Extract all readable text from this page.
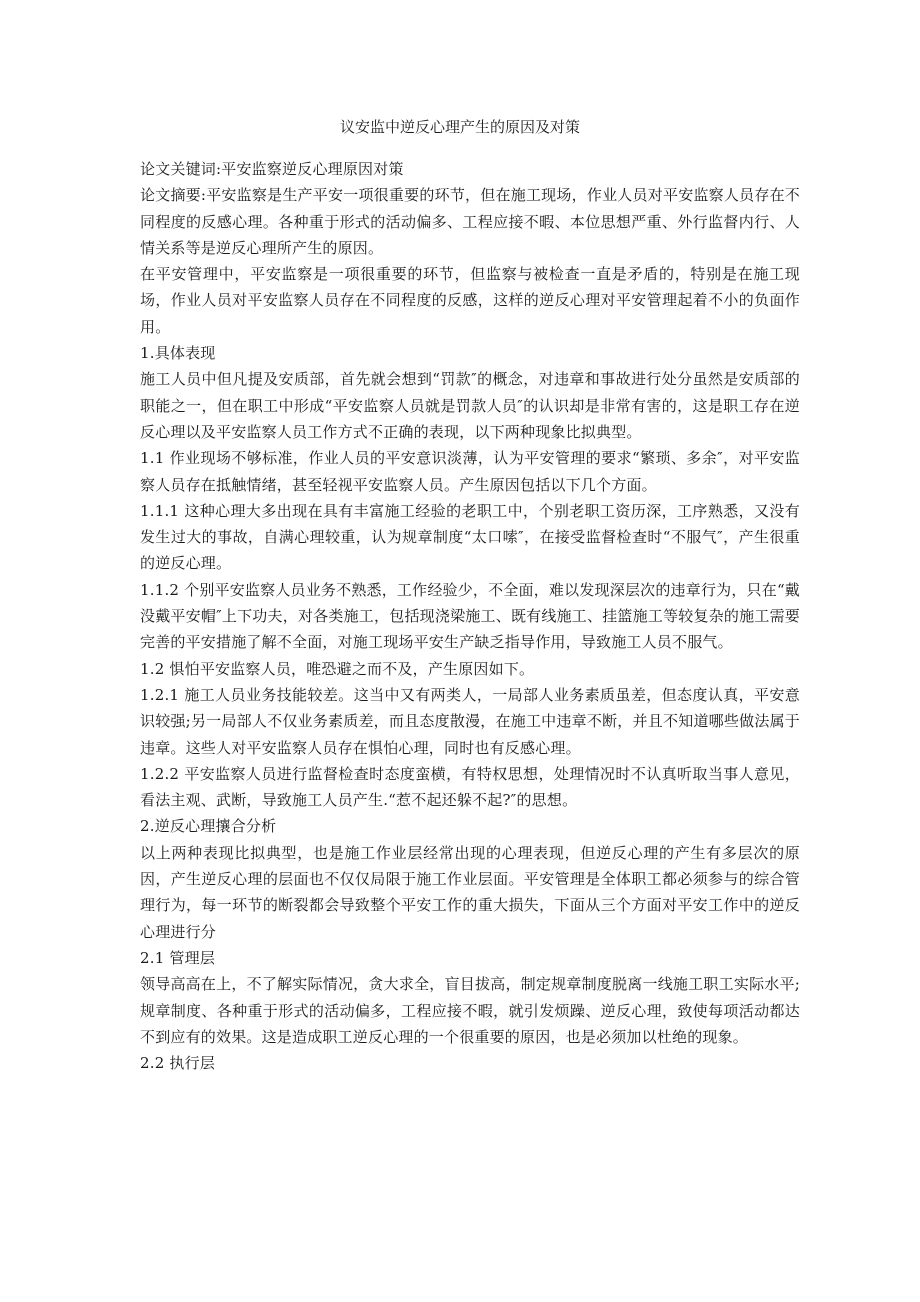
议安监中逆反心理产生的原因及对策

论文关键词:平安监察逆反心理原因对策

论文摘要:平安监察是生产平安一项很重要的环节，但在施工现场，作业人员对平安监察人员存在不同程度的反感心理。各种重于形式的活动偏多、工程应接不暇、本位思想严重、外行监督内行、人情关系等是逆反心理所产生的原因。

在平安管理中，平安监察是一项很重要的环节，但监察与被检查一直是矛盾的，特别是在施工现场，作业人员对平安监察人员存在不同程度的反感，这样的逆反心理对平安管理起着不小的负面作用。

1.具体表现

施工人员中但凡提及安质部，首先就会想到“罚款″的概念，对违章和事故进行处分虽然是安质部的职能之一，但在职工中形成“平安监察人员就是罚款人员″的认识却是非常有害的，这是职工存在逆反心理以及平安监察人员工作方式不正确的表现，以下两种现象比拟典型。

1.1 作业现场不够标准，作业人员的平安意识淡薄，认为平安管理的要求“繁琐、多余″，对平安监察人员存在抵触情绪，甚至轻视平安监察人员。产生原因包括以下几个方面。

1.1.1 这种心理大多出现在具有丰富施工经验的老职工中，个别老职工资历深，工序熟悉，又没有发生过大的事故，自满心理较重，认为规章制度“太口嗦″，在接受监督检查时“不服气″，产生很重的逆反心理。

1.1.2 个别平安监察人员业务不熟悉，工作经验少，不全面，难以发现深层次的违章行为，只在“戴没戴平安帽″上下功夫，对各类施工，包括现浇梁施工、既有线施工、挂篮施工等较复杂的施工需要完善的平安措施了解不全面，对施工现场平安生产缺乏指导作用，导致施工人员不服气。

1.2 惧怕平安监察人员，唯恐避之而不及，产生原因如下。

1.2.1 施工人员业务技能较差。这当中又有两类人，一局部人业务素质虽差，但态度认真，平安意识较强;另一局部人不仅业务素质差，而且态度散漫，在施工中违章不断，并且不知道哪些做法属于违章。这些人对平安监察人员存在惧怕心理，同时也有反感心理。

1.2.2 平安监察人员进行监督检查时态度蛮横，有特权思想，处理情况时不认真听取当事人意见，看法主观、武断，导致施工人员产生.“惹不起还躲不起?″的思想。

2.逆反心理攘合分析

以上两种表现比拟典型，也是施工作业层经常出现的心理表现，但逆反心理的产生有多层次的原因，产生逆反心理的层面也不仅仅局限于施工作业层面。平安管理是全体职工都必须参与的综合管理行为，每一环节的断裂都会导致整个平安工作的重大损失，下面从三个方面对平安工作中的逆反心理进行分

2.1 管理层

领导高高在上，不了解实际情况，贪大求全，盲目拔高，制定规章制度脱离一线施工职工实际水平;规章制度、各种重于形式的活动偏多，工程应接不暇，就引发烦躁、逆反心理，致使每项活动都达不到应有的效果。这是造成职工逆反心理的一个很重要的原因，也是必须加以杜绝的现象。

2.2 执行层
